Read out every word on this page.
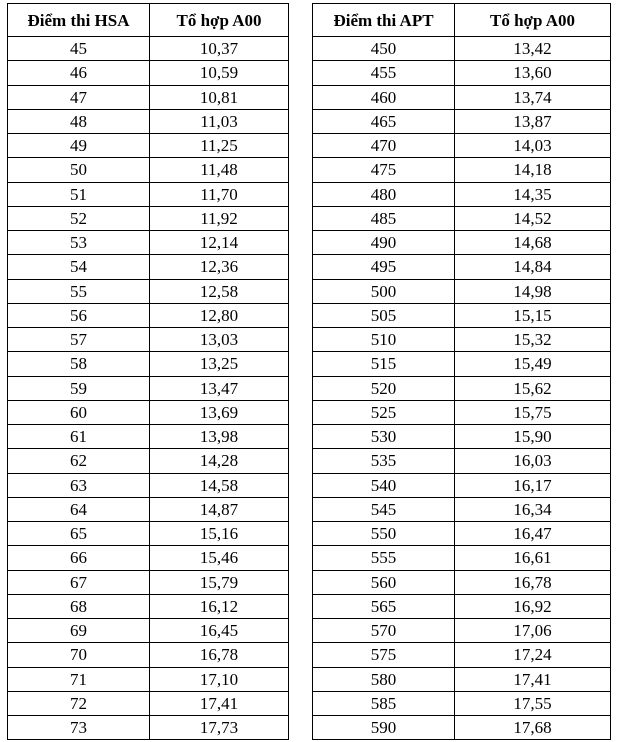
Điểm thi HSA	Tổ hợp A00
45	10,37
46	10,59
47	10,81
48	11,03
49	11,25
50	11,48
51	11,70
52	11,92
53	12,14
54	12,36
55	12,58
56	12,80
57	13,03
58	13,25
59	13,47
60	13,69
61	13,98
62	14,28
63	14,58
64	14,87
65	15,16
66	15,46
67	15,79
68	16,12
69	16,45
70	16,78
71	17,10
72	17,41
73	17,73
Điểm thi APT	Tổ hợp A00
450	13,42
455	13,60
460	13,74
465	13,87
470	14,03
475	14,18
480	14,35
485	14,52
490	14,68
495	14,84
500	14,98
505	15,15
510	15,32
515	15,49
520	15,62
525	15,75
530	15,90
535	16,03
540	16,17
545	16,34
550	16,47
555	16,61
560	16,78
565	16,92
570	17,06
575	17,24
580	17,41
585	17,55
590	17,68
